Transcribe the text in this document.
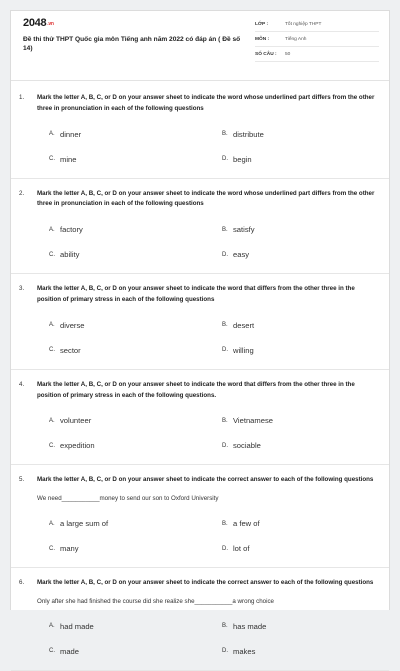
2048.vn
Đề thi thử THPT Quốc gia môn Tiếng anh năm 2022 có đáp án ( Đề số 14)
LỚP :	Tốt nghiệp THPT
MÔN :	Tiếng Anh
SỐ CÂU :	50
1.	Mark the letter A, B, C, or D on your answer sheet to indicate the word whose underlined part differs from the other three in pronunciation in each of the following questions
A. dinner	B. distribute
C. mine	D. begin
2.	Mark the letter A, B, C, or D on your answer sheet to indicate the word whose underlined part differs from the other three in pronunciation in each of the following questions
A. factory	B. satisfy
C. ability	D. easy
3.	Mark the letter A, B, C, or D on your answer sheet to indicate the word that differs from the other three in the position of primary stress in each of the following questions
A. diverse	B. desert
C. sector	D. willing
4.	Mark the letter A, B, C, or D on your answer sheet to indicate the word that differs from the other three in the position of primary stress in each of the following questions.
A. volunteer	B. Vietnamese
C. expedition	D. sociable
5.	Mark the letter A, B, C, or D on your answer sheet to indicate the correct answer to each of the following questions
We need___________money to send our son to Oxford University
A. a large sum of	B. a few of
C. many	D. lot of
6.	Mark the letter A, B, C, or D on your answer sheet to indicate the correct answer to each of the following questions
Only after she had finished the course did she realize she___________a wrong choice
A. had made	B. has made
C. made	D. makes
